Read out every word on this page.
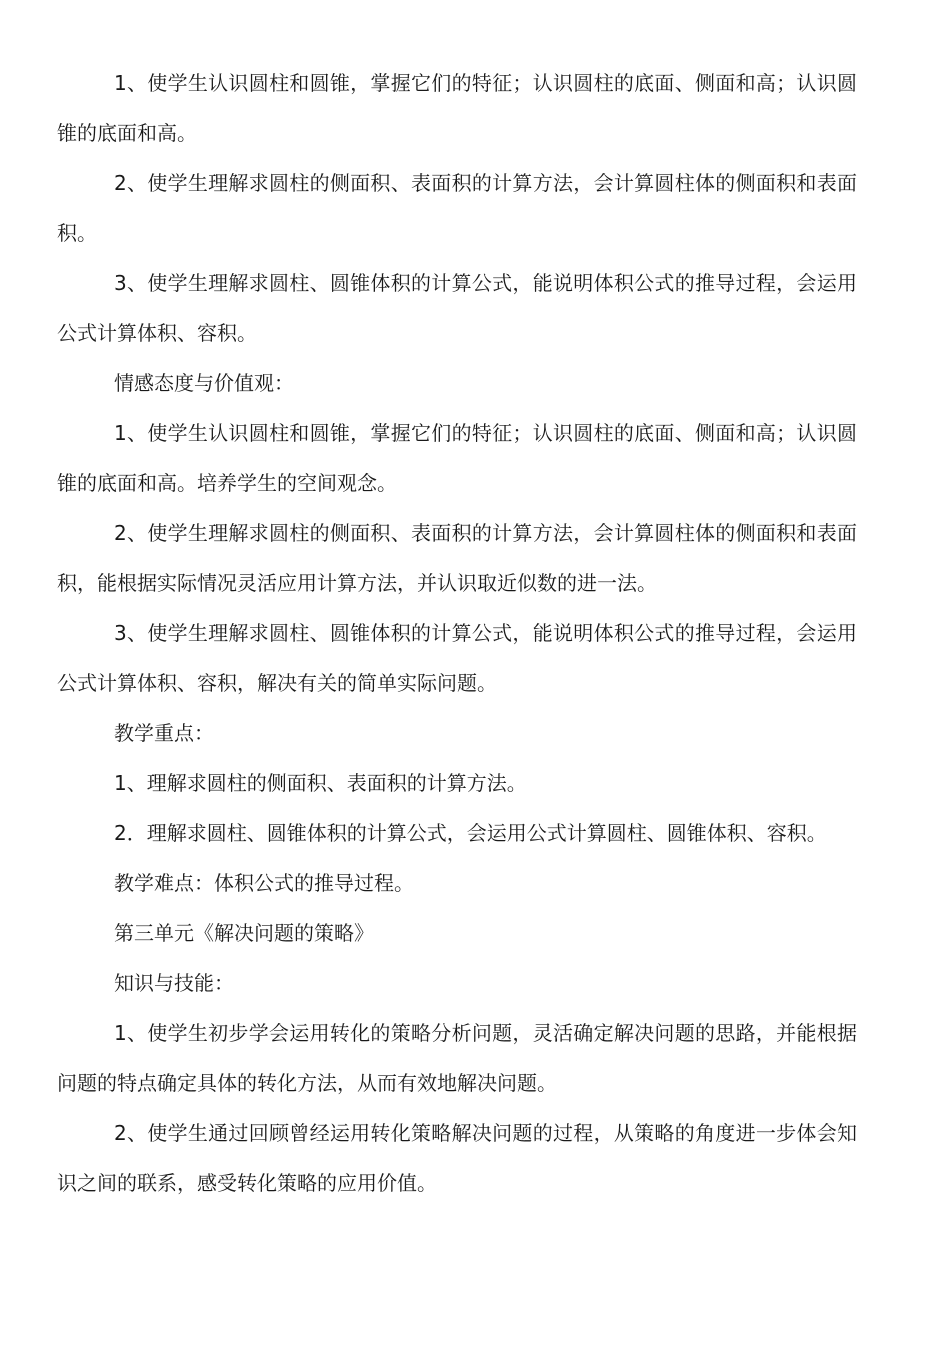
1、使学生认识圆柱和圆锥，掌握它们的特征；认识圆柱的底面、侧面和高；认识圆锥的底面和高。

2、使学生理解求圆柱的侧面积、表面积的计算方法，会计算圆柱体的侧面积和表面积。

3、使学生理解求圆柱、圆锥体积的计算公式，能说明体积公式的推导过程，会运用公式计算体积、容积。

情感态度与价值观：

1、使学生认识圆柱和圆锥，掌握它们的特征；认识圆柱的底面、侧面和高；认识圆锥的底面和高。培养学生的空间观念。

2、使学生理解求圆柱的侧面积、表面积的计算方法，会计算圆柱体的侧面积和表面积，能根据实际情况灵活应用计算方法，并认识取近似数的进一法。

3、使学生理解求圆柱、圆锥体积的计算公式，能说明体积公式的推导过程，会运用公式计算体积、容积，解决有关的简单实际问题。

教学重点：

1、理解求圆柱的侧面积、表面积的计算方法。

2．理解求圆柱、圆锥体积的计算公式，会运用公式计算圆柱、圆锥体积、容积。

教学难点：体积公式的推导过程。

第三单元《解决问题的策略》

知识与技能：

1、使学生初步学会运用转化的策略分析问题，灵活确定解决问题的思路，并能根据问题的特点确定具体的转化方法，从而有效地解决问题。

2、使学生通过回顾曾经运用转化策略解决问题的过程，从策略的角度进一步体会知识之间的联系，感受转化策略的应用价值。
